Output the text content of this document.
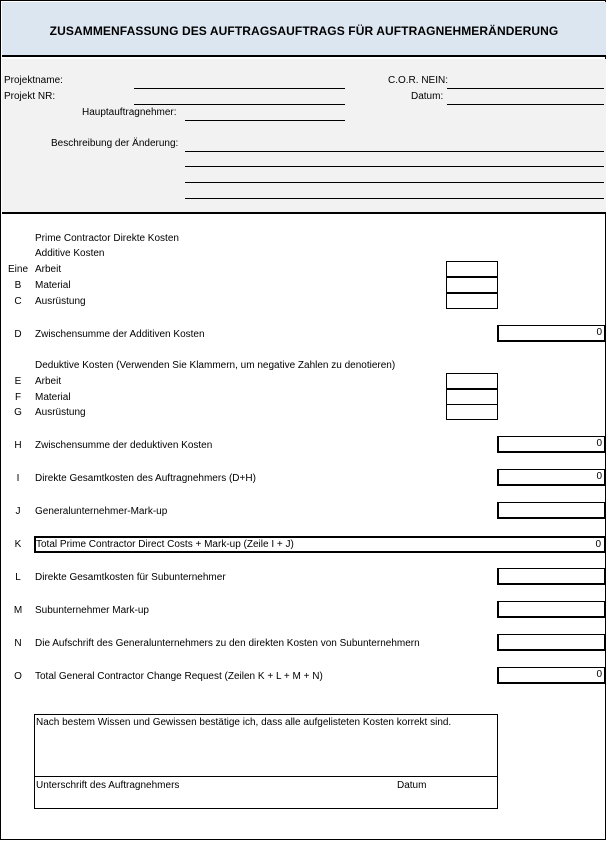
ZUSAMMENFASSUNG DES AUFTRAGSAUFTRAGS FÜR AUFTRAGNEHMERÄNDERUNG
Projektname:
Projekt NR:
Hauptauftragnehmer:
C.O.R. NEIN:
Datum:
Beschreibung der Änderung:
Prime Contractor Direkte Kosten
Additive Kosten
Eine Arbeit
B	Material
C	Ausrüstung
D	Zwischensumme der Additiven Kosten	0
Deduktive Kosten (Verwenden Sie Klammern, um negative Zahlen zu denotieren)
E	Arbeit
F	Material
G	Ausrüstung
H	Zwischensumme der deduktiven Kosten	0
I	Direkte Gesamtkosten des Auftragnehmers (D+H)	0
J	Generalunternehmer-Mark-up
K	Total Prime Contractor Direct Costs + Mark-up (Zeile I + J)	0
L	Direkte Gesamtkosten für Subunternehmer
M	Subunternehmer Mark-up
N	Die Aufschrift des Generalunternehmers zu den direkten Kosten von Subunternehmern
O	Total General Contractor Change Request (Zeilen K + L + M + N)	0
Nach bestem Wissen und Gewissen bestätige ich, dass alle aufgelisteten Kosten korrekt sind.
Unterschrift des Auftragnehmers	Datum
